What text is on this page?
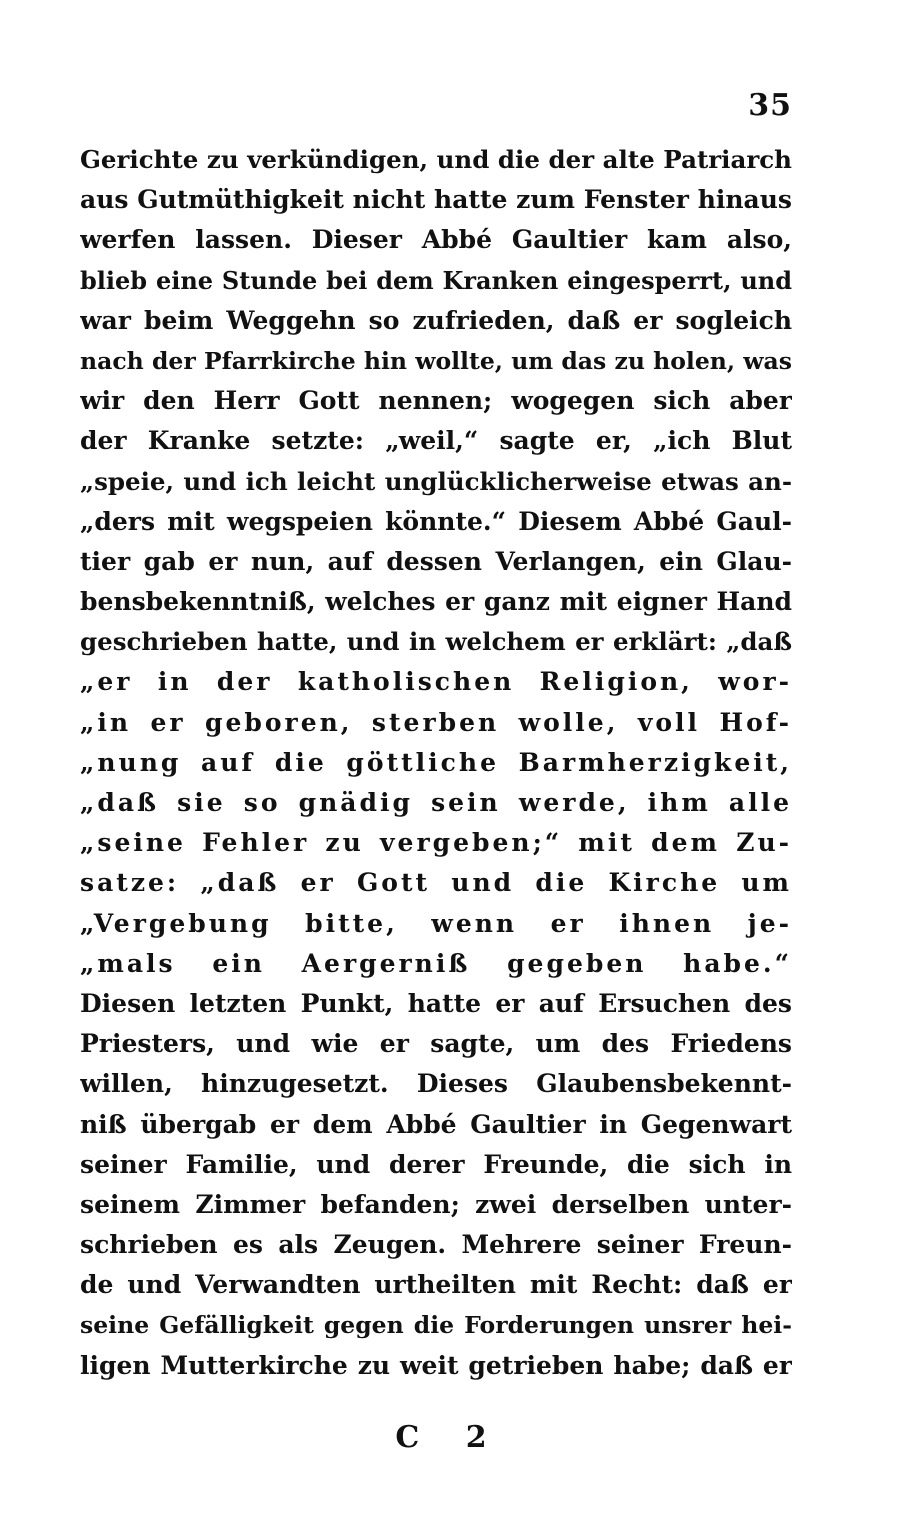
35
Gerichte zu verkündigen, und die der alte Patriarch
aus Gutmüthigkeit nicht hatte zum Fenster hinaus
werfen lassen. Dieser Abbé Gaultier kam also,
blieb eine Stunde bei dem Kranken eingesperrt, und
war beim Weggehn so zufrieden, daß er sogleich
nach der Pfarrkirche hin wollte, um das zu holen, was
wir den Herr Gott nennen; wogegen sich aber
der Kranke setzte: „weil,“ sagte er, „ich Blut
„speie, und ich leicht unglücklicherweise etwas an-
„ders mit wegspeien könnte.“ Diesem Abbé Gaul-
tier gab er nun, auf dessen Verlangen, ein Glau-
bensbekenntniß, welches er ganz mit eigner Hand
geschrieben hatte, und in welchem er erklärt: „daß
„er in der katholischen Religion, wor-
„in er geboren, sterben wolle, voll Hof-
„nung auf die göttliche Barmherzigkeit,
„daß sie so gnädig sein werde, ihm alle
„seine Fehler zu vergeben;“ mit dem Zu-
satze: „daß er Gott und die Kirche um
„Vergebung bitte, wenn er ihnen je-
„mals ein Aergerniß gegeben habe.“
Diesen letzten Punkt, hatte er auf Ersuchen des
Priesters, und wie er sagte, um des Friedens
willen, hinzugesetzt. Dieses Glaubensbekennt-
niß übergab er dem Abbé Gaultier in Gegenwart
seiner Familie, und derer Freunde, die sich in
seinem Zimmer befanden; zwei derselben unter-
schrieben es als Zeugen. Mehrere seiner Freun-
de und Verwandten urtheilten mit Recht: daß er
seine Gefälligkeit gegen die Forderungen unsrer hei-
ligen Mutterkirche zu weit getrieben habe; daß er
C 2
